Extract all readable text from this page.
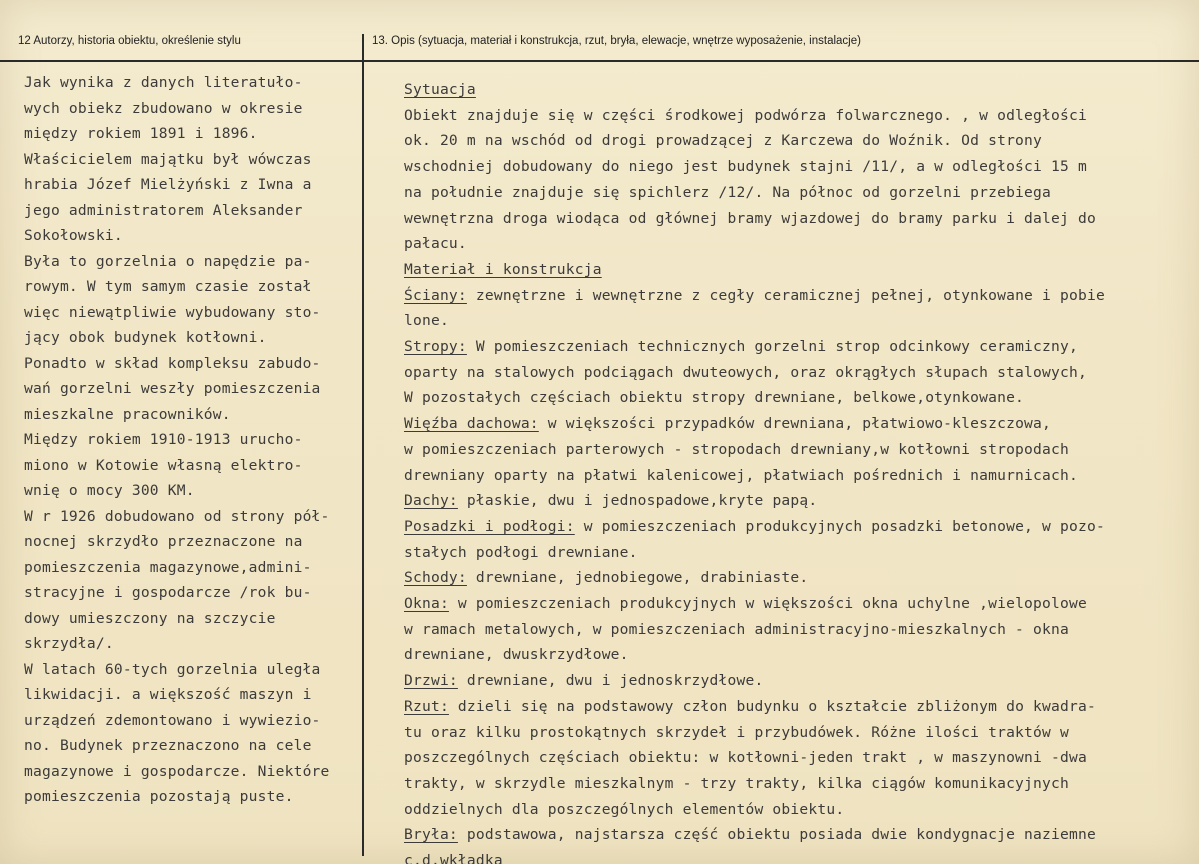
12 Autorzy, historia obiektu, określenie stylu	13. Opis (sytuacja, materiał i konstrukcja, rzut, bryła, elewacje, wnętrze wyposażenie, instalacje)
Jak wynika z danych literatuło-
wych obiekz zbudowano w okresie
między rokiem 1891 i 1896.
Właścicielem majątku był wówczas
hrabia Józef Mielżyński z Iwna a
jego administratorem Aleksander
Sokołowski.
Była to gorzelnia o napędzie pa-
rowym. W tym samym czasie został
więc niewątpliwie wybudowany sto-
jący obok budynek kotłowni.
Ponadto w skład kompleksu zabudo-
wań gorzelni weszły pomieszczenia
mieszkalne pracowników.
Między rokiem 1910-1913 urucho-
miono w Kotowie własną elektro-
wnię o mocy 300 KM.
W r 1926 dobudowano od strony pół-
nocnej skrzydło przeznaczone na
pomieszczenia magazynowe,admini-
stracyjne i gospodarcze /rok bu-
dowy umieszczony na szczycie
skrzydła/.
W latach 60-tych gorzelnia uległa
likwidacji. a większość maszyn i
urządzeń zdemontowano i wywiezio-
no. Budynek przeznaczono na cele
magazynowe i gospodarcze. Niektóre
pomieszczenia pozostają puste.
Sytuacja
Obiekt znajduje się w części środkowej podwórza folwarcznego. , w odległości
ok. 20 m na wschód od drogi prowadzącej z Karczewa do Woźnik. Od strony
wschodniej dobudowany do niego jest budynek stajni /11/, a w odległości 15 m
na południe znajduje się spichlerz /12/. Na północ od gorzelni przebiega
wewnętrzna droga wiodąca od głównej bramy wjazdowej do bramy parku i dalej do
pałacu.
Materiał i konstrukcja
Ściany: zewnętrzne i wewnętrzne z cegły ceramicznej pełnej, otynkowane i pobie
lone.
Stropy: W pomieszczeniach technicznych gorzelni strop odcinkowy ceramiczny,
oparty na stalowych podciągach dwuteowych, oraz okrągłych słupach stalowych,
W pozostałych częściach obiektu stropy drewniane, belkowe,otynkowane.
Więźba dachowa: w większości przypadków drewniana, płatwiowo-kleszczowa,
w pomieszczeniach parterowych - stropodach drewniany,w kotłowni stropodach
drewniany oparty na płatwi kalenicowej, płatwiach pośrednich i namurnicach.
Dachy: płaskie, dwu i jednospadowe,kryte papą.
Posadzki i podłogi: w pomieszczeniach produkcyjnych posadzki betonowe, w pozo-
stałych podłogi drewniane.
Schody: drewniane, jednobiegowe, drabiniaste.
Okna: w pomieszczeniach produkcyjnych w większości okna uchylne ,wielopolowe
w ramach metalowych, w pomieszczeniach administracyjno-mieszkalnych - okna
drewniane, dwuskrzydłowe.
Drzwi: drewniane, dwu i jednoskrzydłowe.
Rzut: dzieli się na podstawowy człon budynku o kształcie zbliżonym do kwadra-
tu oraz kilku prostokątnych skrzydeł i przybudówek. Różne ilości traktów w
poszczególnych częściach obiektu: w kotłowni-jeden trakt , w maszynowni -dwa
trakty, w skrzydle mieszkalnym - trzy trakty, kilka ciągów komunikacyjnych
oddzielnych dla poszczególnych elementów obiektu.
Bryła: podstawowa, najstarsza część obiektu posiada dwie kondygnacje naziemne
c.d.wkładka
